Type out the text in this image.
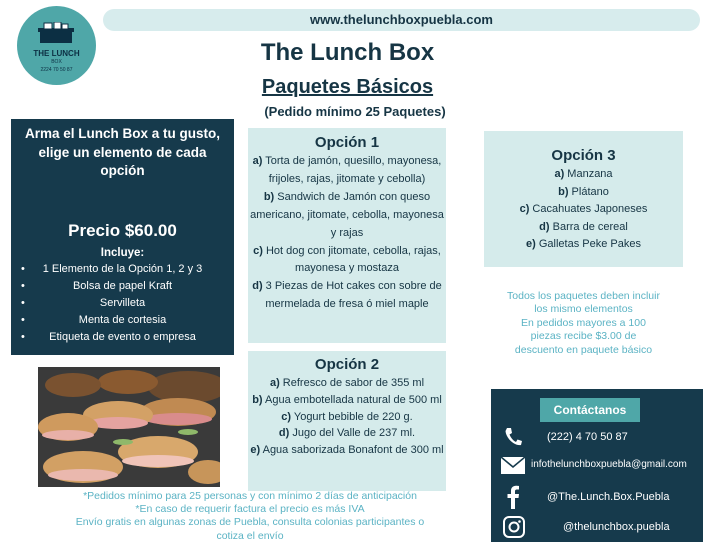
THE LUNCH
BOX
2224 70 50 87
www.thelunchboxpuebla.com
The Lunch Box
Paquetes Básicos
(Pedido mínimo 25 Paquetes)
Arma el Lunch Box a tu gusto, elige un elemento de cada opción
Precio $60.00
Incluye:
• 1 Elemento de la Opción 1, 2 y 3
• Bolsa de papel Kraft
• Servilleta
• Menta de cortesia
• Etiqueta de evento o empresa
Opción 1

a) Torta de jamón, quesillo, mayonesa, frijoles, rajas, jitomate y cebolla)

b) Sandwich de Jamón con queso americano, jitomate, cebolla, mayonesa y rajas

c) Hot dog con jitomate, cebolla, rajas, mayonesa y mostaza

d) 3 Piezas de Hot cakes con sobre de mermelada de fresa ó miel maple

Opción 3

a) Manzana

b) Plátano

c) Cacahuates Japoneses

d) Barra de cereal

e) Galletas Peke Pakes

Todos los paquetes deben incluir
los mismo elementos
En pedidos mayores a 100
piezas recibe $3.00 de
descuento en paquete básico
Opción 2

a) Refresco de sabor de 355 ml

b) Agua embotellada natural de 500 ml

c) Yogurt bebible de 220 g.

d) Jugo del Valle de 237 ml.

e) Agua saborizada Bonafont de 300 ml

Contáctanos
(222) 4 70 50 87
infothelunchboxpuebla@gmail.com
@The.Lunch.Box.Puebla
@thelunchbox.puebla
*Pedidos mínimo para 25 personas y con mínimo 2 días de anticipación
*En caso de requerir factura el precio es más IVA
Envío gratis en algunas zonas de Puebla, consulta colonias participantes o
cotiza el envío
